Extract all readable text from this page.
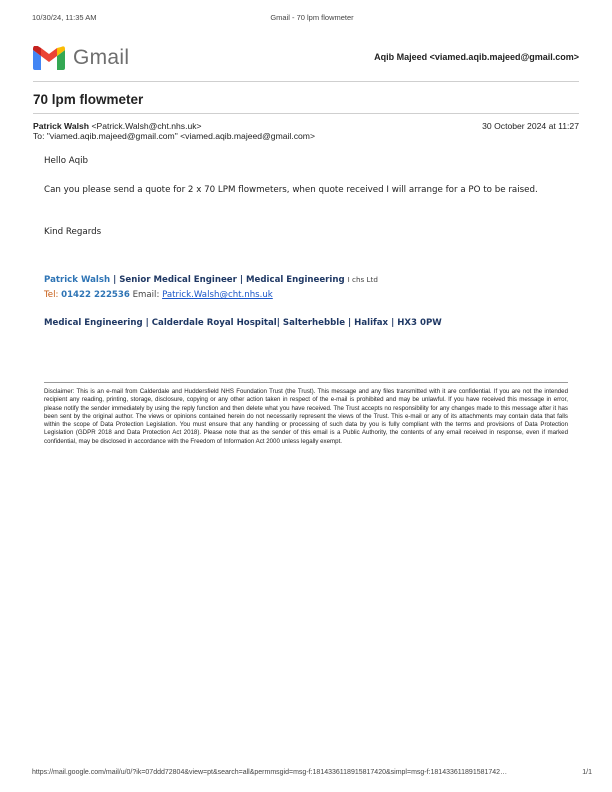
10/30/24, 11:35 AM	Gmail - 70 lpm flowmeter
Gmail	Aqib Majeed <viamed.aqib.majeed@gmail.com>
70 lpm flowmeter
Patrick Walsh <Patrick.Walsh@cht.nhs.uk>	30 October 2024 at 11:27
To: "viamed.aqib.majeed@gmail.com" <viamed.aqib.majeed@gmail.com>
Hello Aqib
Can you please send a quote for 2 x 70 LPM flowmeters, when quote received I will arrange for a PO to be raised.
Kind Regards
Patrick Walsh | Senior Medical Engineer | Medical Engineering I chs Ltd
Tel: 01422 222536 Email: Patrick.Walsh@cht.nhs.uk
Medical Engineering | Calderdale Royal Hospital| Salterhebble | Halifax | HX3 0PW
Disclaimer: This is an e-mail from Calderdale and Huddersfield NHS Foundation Trust (the Trust). This message and any files transmitted with it are confidential. If you are not the intended recipient any reading, printing, storage, disclosure, copying or any other action taken in respect of the e-mail is prohibited and may be unlawful. If you have received this message in error, please notify the sender immediately by using the reply function and then delete what you have received. The Trust accepts no responsibility for any changes made to this message after it has been sent by the original author. The views or opinions contained herein do not necessarily represent the views of the Trust. This e-mail or any of its attachments may contain data that falls within the scope of Data Protection Legislation. You must ensure that any handling or processing of such data by you is fully compliant with the terms and provisions of Data Protection Legislation (GDPR 2018 and Data Protection Act 2018). Please note that as the sender of this email is a Public Authority, the contents of any email received in response, even if marked confidential, may be disclosed in accordance with the Freedom of Information Act 2000 unless legally exempt.
https://mail.google.com/mail/u/0/?ik=07ddd72804&view=pt&search=all&permmsgid=msg-f:1814336118915817420&simpl=msg-f:181433611891581742…	1/1
